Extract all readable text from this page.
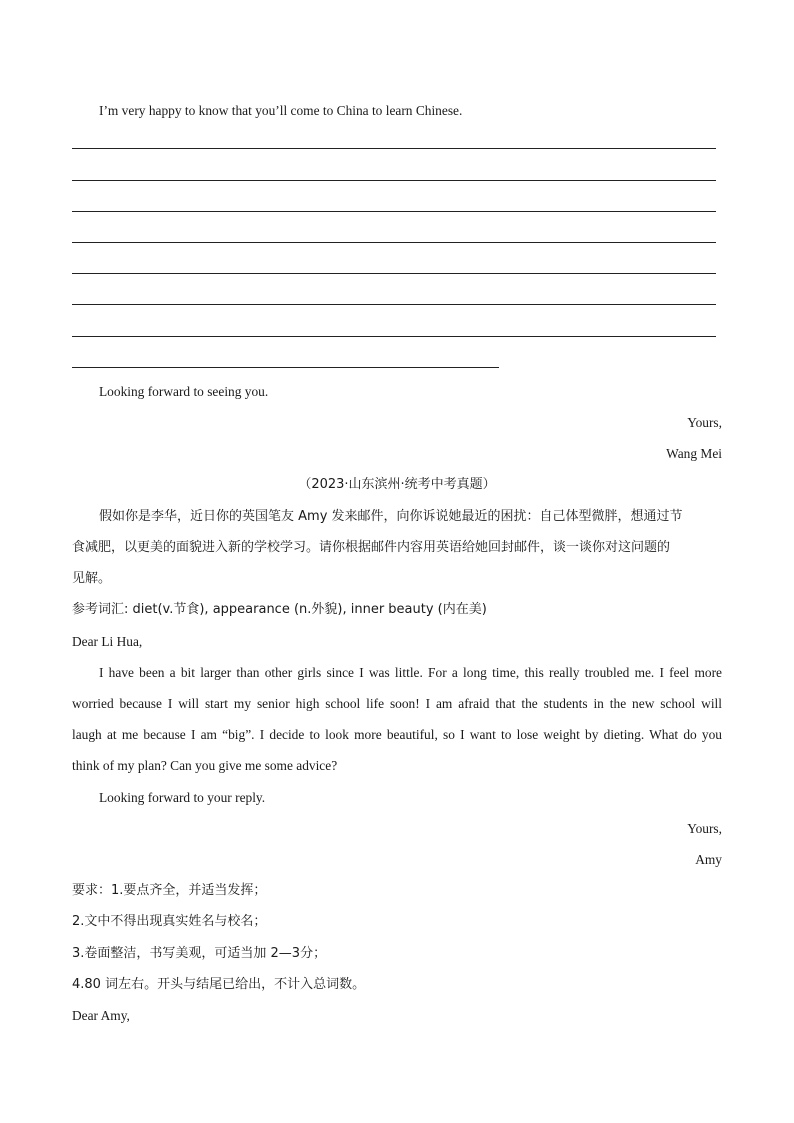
I’m very happy to know that you’ll come to China to learn Chinese.
Looking forward to seeing you.
Yours,
Wang Mei
（2023·山东滨州·统考中考真题）
假如你是李华，近日你的英国笔友 Amy 发来邮件，向你诉说她最近的困扰：自己体型微胖，想通过节
食减肥，以更美的面貌进入新的学校学习。请你根据邮件内容用英语给她回封邮件，谈一谈你对这问题的
见解。
参考词汇: diet(v.节食), appearance (n.外貌), inner beauty (内在美)
Dear Li Hua,
I have been a bit larger than other girls since I was little. For a long time, this really troubled me. I feel more
worried because I will start my senior high school life soon! I am afraid that the students in the new school will
laugh at me because I am “big”. I decide to look more beautiful, so I want to lose weight by dieting. What do you
think of my plan? Can you give me some advice?
Looking forward to your reply.
Yours,
Amy
要求：1.要点齐全，并适当发挥；
2.文中不得出现真实姓名与校名；
3.卷面整洁，书写美观，可适当加 2—3分；
4.80 词左右。开头与结尾已给出，不计入总词数。
Dear Amy,
